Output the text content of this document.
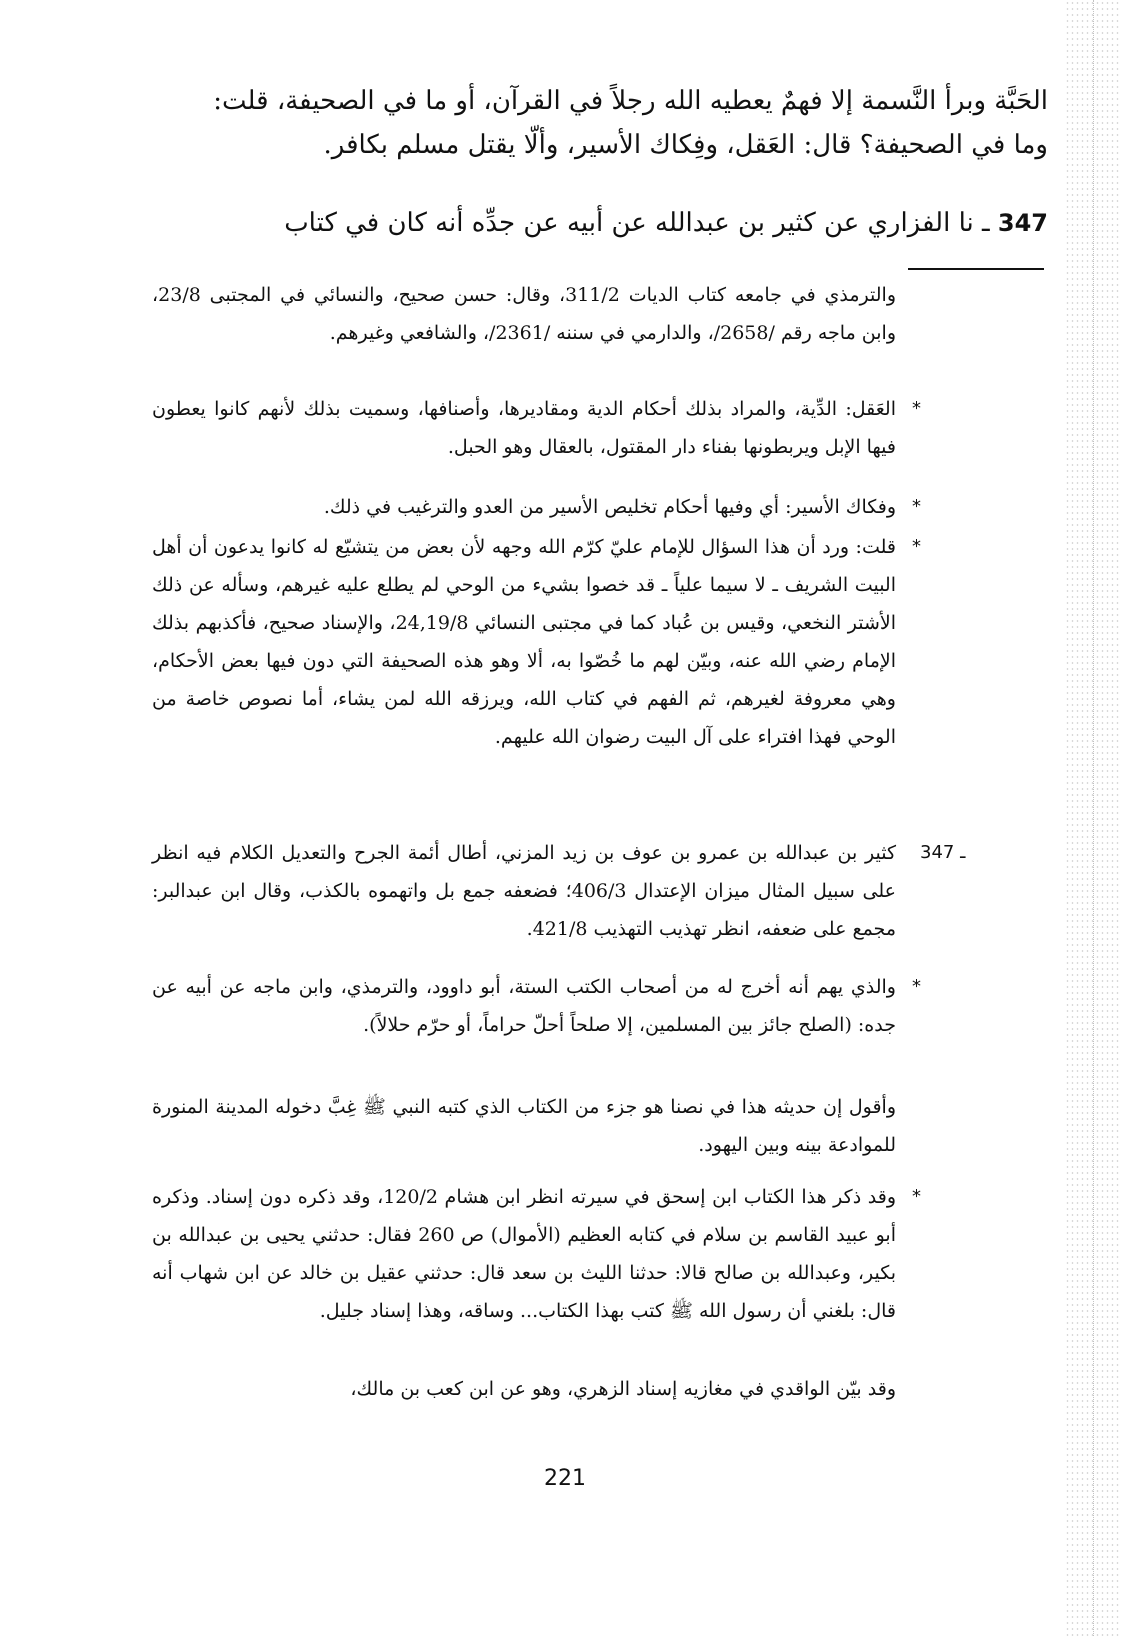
الحَبَّة وبرأ النَّسمة إلا فهمٌ يعطيه الله رجلاً في القرآن، أو ما في الصحيفة، قلت:

وما في الصحيفة؟ قال: العَقل، وفِكاك الأسير، وألّا يقتل مسلم بكافر.

347 ـ نا الفزاري عن كثير بن عبدالله عن أبيه عن جدِّه أنه كان في كتاب

والترمذي في جامعه كتاب الديات 311/2، وقال: حسن صحيح، والنسائي في المجتبى 23/8، وابن ماجه رقم /2658/، والدارمي في سننه /2361/، والشافعي وغيرهم.

*

العَقل: الدِّية، والمراد بذلك أحكام الدية ومقاديرها، وأصنافها، وسميت بذلك لأنهم كانوا يعطون فيها الإبل ويربطونها بفناء دار المقتول، بالعقال وهو الحبل.

*

وفكاك الأسير: أي وفيها أحكام تخليص الأسير من العدو والترغيب في ذلك.

*

قلت: ورد أن هذا السؤال للإمام عليّ كرّم الله وجهه لأن بعض من يتشيّع له كانوا يدعون أن أهل البيت الشريف ـ لا سيما علياً ـ قد خصوا بشيء من الوحي لم يطلع عليه غيرهم، وسأله عن ذلك الأشتر النخعي، وقيس بن عُباد كما في مجتبى النسائي 24,19/8، والإسناد صحيح، فأكذبهم بذلك الإمام رضي الله عنه، وبيّن لهم ما خُصّوا به، ألا وهو هذه الصحيفة التي دون فيها بعض الأحكام، وهي معروفة لغيرهم، ثم الفهم في كتاب الله، ويرزقه الله لمن يشاء، أما نصوص خاصة من الوحي فهذا افتراء على آل البيت رضوان الله عليهم.

347 ـ

كثير بن عبدالله بن عمرو بن عوف بن زيد المزني، أطال أئمة الجرح والتعديل الكلام فيه انظر على سبيل المثال ميزان الإعتدال 406/3؛ فضعفه جمع بل واتهموه بالكذب، وقال ابن عبدالبر: مجمع على ضعفه، انظر تهذيب التهذيب 421/8.

*

والذي يهم أنه أخرج له من أصحاب الكتب الستة، أبو داوود، والترمذي، وابن ماجه عن أبيه عن جده: (الصلح جائز بين المسلمين، إلا صلحاً أحلّ حراماً، أو حرّم حلالاً).

وأقول إن حديثه هذا في نصنا هو جزء من الكتاب الذي كتبه النبي ﷺ غِبَّ دخوله المدينة المنورة للموادعة بينه وبين اليهود.

*

وقد ذكر هذا الكتاب ابن إسحق في سيرته انظر ابن هشام 120/2، وقد ذكره دون إسناد. وذكره أبو عبيد القاسم بن سلام في كتابه العظيم (الأموال) ص 260 فقال: حدثني يحيى بن عبدالله بن بكير، وعبدالله بن صالح قالا: حدثنا الليث بن سعد قال: حدثني عقيل بن خالد عن ابن شهاب أنه قال: بلغني أن رسول الله ﷺ كتب بهذا الكتاب... وساقه، وهذا إسناد جليل.

وقد بيّن الواقدي في مغازيه إسناد الزهري، وهو عن ابن كعب بن مالك،

221
